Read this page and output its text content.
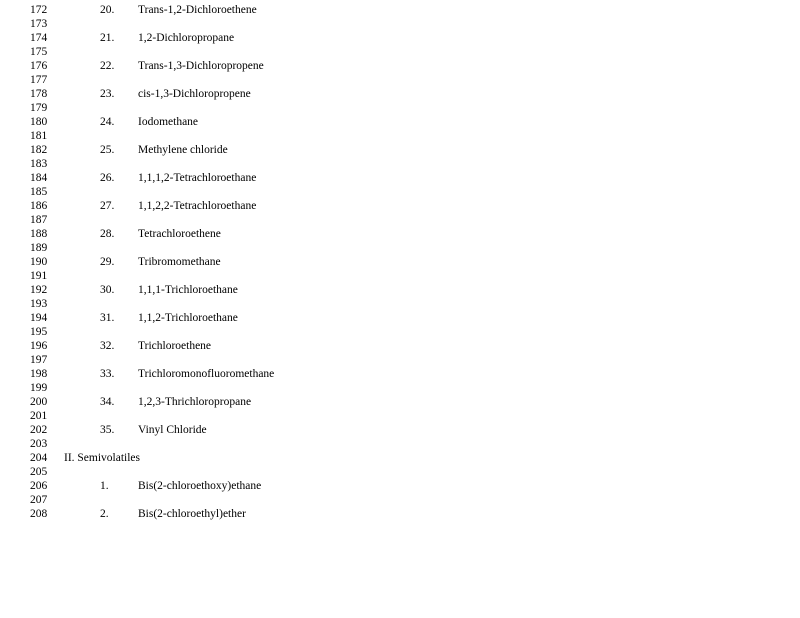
172	20.	Trans-1,2-Dichloroethene
173
174	21.	1,2-Dichloropropane
175
176	22.	Trans-1,3-Dichloropropene
177
178	23.	cis-1,3-Dichloropropene
179
180	24.	Iodomethane
181
182	25.	Methylene chloride
183
184	26.	1,1,1,2-Tetrachloroethane
185
186	27.	1,1,2,2-Tetrachloroethane
187
188	28.	Tetrachloroethene
189
190	29.	Tribromomethane
191
192	30.	1,1,1-Trichloroethane
193
194	31.	1,1,2-Trichloroethane
195
196	32.	Trichloroethene
197
198	33.	Trichloromonofluoromethane
199
200	34.	1,2,3-Thrichloropropane
201
202	35.	Vinyl Chloride
203
204	II. Semivolatiles
205
206	1.	Bis(2-chloroethoxy)ethane
207
208	2.	Bis(2-chloroethyl)ether
